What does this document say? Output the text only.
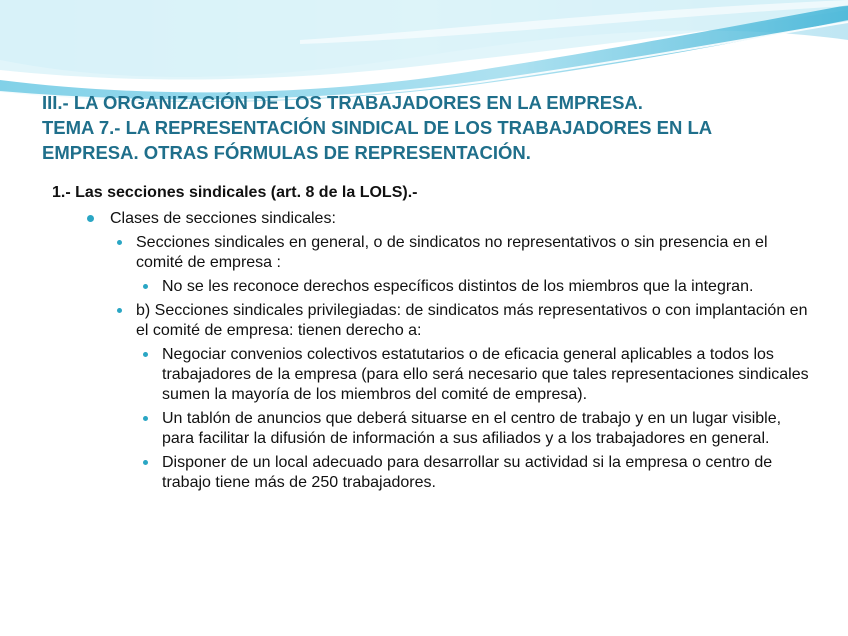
III.- LA ORGANIZACIÓN DE LOS TRABAJADORES EN LA EMPRESA.
TEMA 7.- LA REPRESENTACIÓN SINDICAL DE LOS TRABAJADORES EN LA
EMPRESA. OTRAS FÓRMULAS DE REPRESENTACIÓN.
1.- Las secciones sindicales (art. 8 de la LOLS).-
Clases de secciones sindicales:
Secciones sindicales en general, o de sindicatos no representativos o sin presencia en el comité de empresa :
No se les reconoce derechos específicos distintos de los miembros que la integran.
b) Secciones sindicales privilegiadas: de sindicatos más representativos o con implantación en el comité de empresa: tienen derecho a:
Negociar convenios colectivos estatutarios o de eficacia general aplicables a todos los trabajadores de la empresa (para ello será necesario que tales representaciones sindicales sumen la mayoría de los miembros del comité de empresa).
Un tablón de anuncios que deberá situarse en el centro de trabajo y en un lugar visible, para facilitar la difusión de información a sus afiliados y a los trabajadores en general.
Disponer de un local adecuado para desarrollar su actividad si la empresa o centro de trabajo tiene más de 250 trabajadores.
